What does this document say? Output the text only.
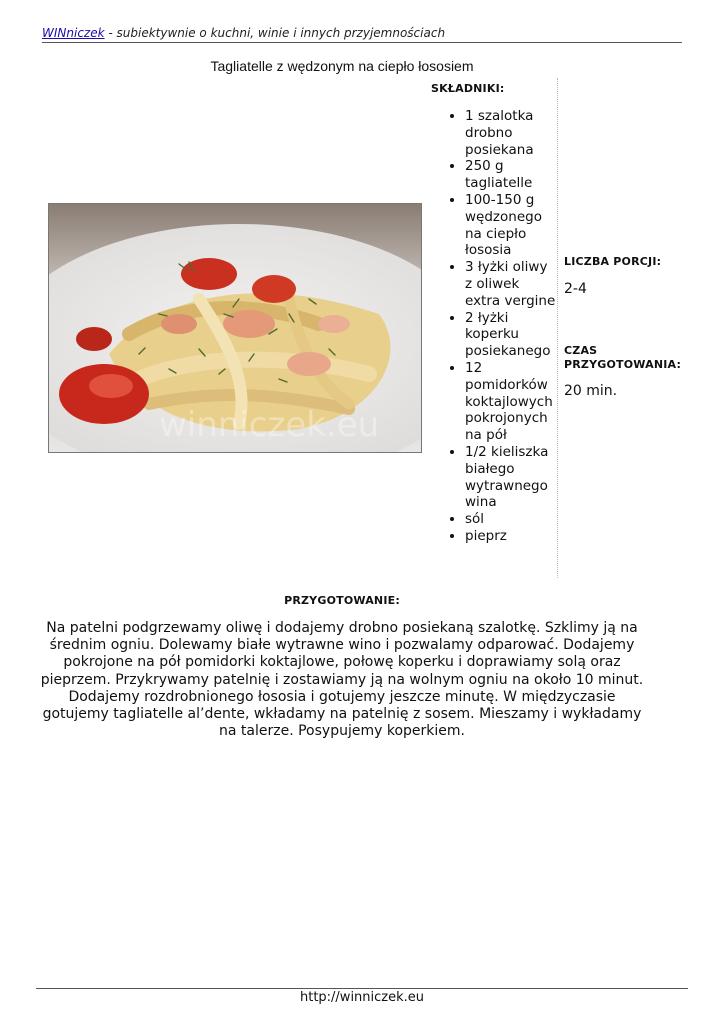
WINniczek - subiektywnie o kuchni, winie i innych przyjemnościach
Tagliatelle z wędzonym na ciepło łososiem
winniczek.eu
SKŁADNIKI:
• 1 szalotka drobno posiekana
• 250 g tagliatelle
• 100-150 g wędzonego na ciepło łososia
• 3 łyżki oliwy z oliwek extra vergine
• 2 łyżki koperku posiekanego
• 12 pomidorków koktajlowych pokrojonych na pół
• 1/2 kieliszka białego wytrawnego wina
• sól
• pieprz
LICZBA PORCJI:
2-4
CZAS PRZYGOTOWANIA:
20 min.
PRZYGOTOWANIE:
Na patelni podgrzewamy oliwę i dodajemy drobno posiekaną szalotkę. Szklimy ją na średnim ogniu. Dolewamy białe wytrawne wino i pozwalamy odparować. Dodajemy pokrojone na pół pomidorki koktajlowe, połowę koperku i doprawiamy solą oraz pieprzem. Przykrywamy patelnię i zostawiamy ją na wolnym ogniu na około 10 minut. Dodajemy rozdrobnionego łososia i gotujemy jeszcze minutę. W międzyczasie gotujemy tagliatelle al’dente, wkładamy na patelnię z sosem. Mieszamy i wykładamy na talerze. Posypujemy koperkiem.
http://winniczek.eu
